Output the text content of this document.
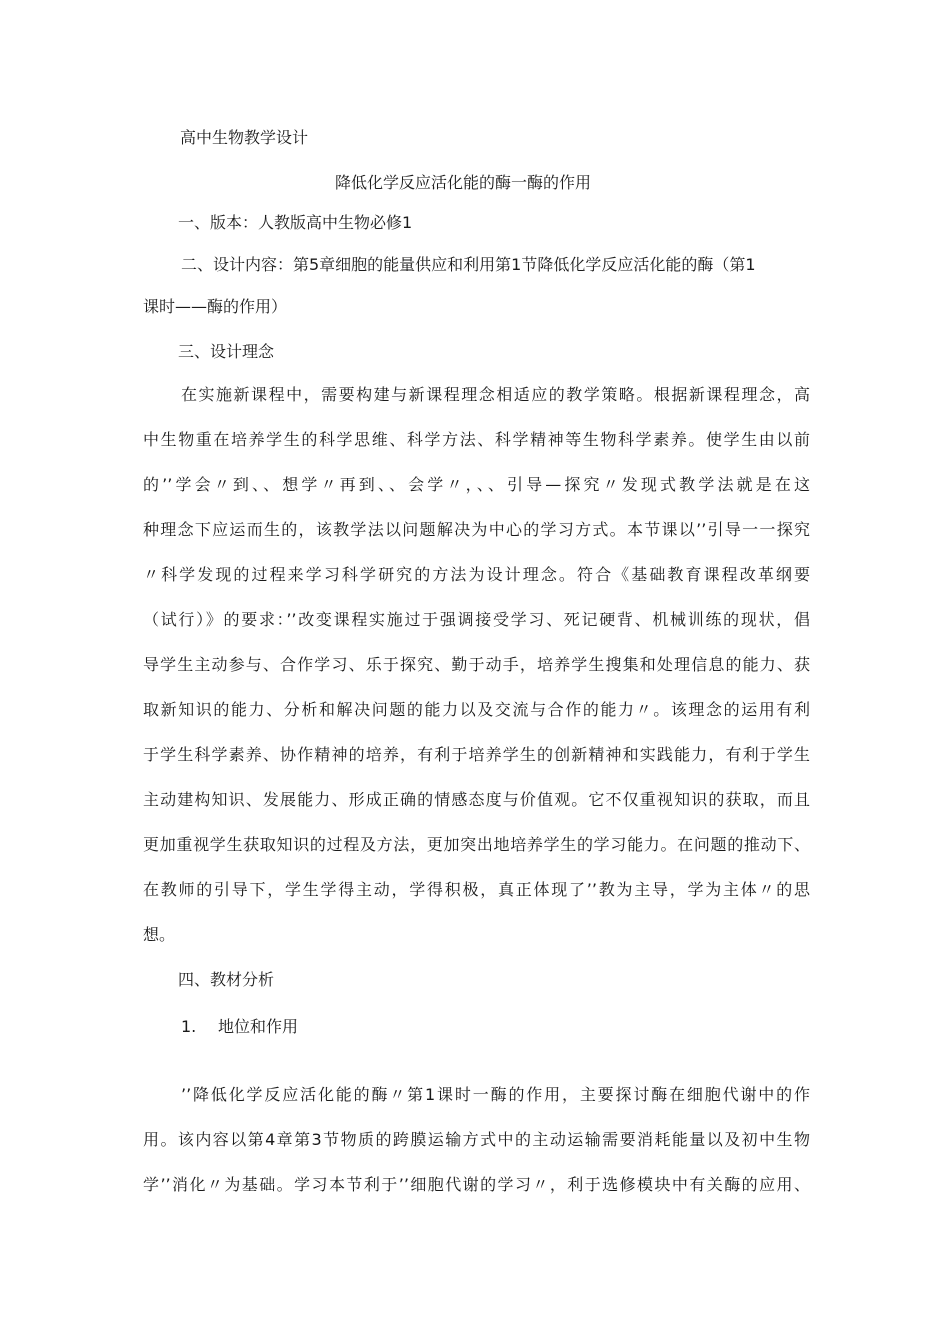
高中生物教学设计
降低化学反应活化能的酶一酶的作用
一、版本：人教版高中生物必修1
二、设计内容：第5章细胞的能量供应和利用第1节降低化学反应活化能的酶（第1
课时——酶的作用）
三、设计理念
在实施新课程中，需要构建与新课程理念相适应的教学策略。根据新课程理念，高
中生物重在培养学生的科学思维、科学方法、科学精神等生物科学素养。使学生由以前
的’’学会〃到、、想学〃再到、、会学〃，、、引导—探究〃发现式教学法就是在这
种理念下应运而生的，该教学法以问题解决为中心的学习方式。本节课以’’引导一一探究
〃科学发现的过程来学习科学研究的方法为设计理念。符合《基础教育课程改革纲要
（试行）》的要求：’’改变课程实施过于强调接受学习、死记硬背、机械训练的现状，倡
导学生主动参与、合作学习、乐于探究、勤于动手，培养学生搜集和处理信息的能力、获
取新知识的能力、分析和解决问题的能力以及交流与合作的能力〃。该理念的运用有利
于学生科学素养、协作精神的培养，有利于培养学生的创新精神和实践能力，有利于学生
主动建构知识、发展能力、形成正确的情感态度与价值观。它不仅重视知识的获取，而且
更加重视学生获取知识的过程及方法，更加突出地培养学生的学习能力。在问题的推动下、
在教师的引导下，学生学得主动，学得积极，真正体现了’’教为主导，学为主体〃的思
想。
四、教材分析
1. 地位和作用
’’降低化学反应活化能的酶〃第1课时一酶的作用，主要探讨酶在细胞代谢中的作
用。该内容以第4章第3节物质的跨膜运输方式中的主动运输需要消耗能量以及初中生物
学’’消化〃为基础。学习本节利于’’细胞代谢的学习〃，利于选修模块中有关酶的应用、
